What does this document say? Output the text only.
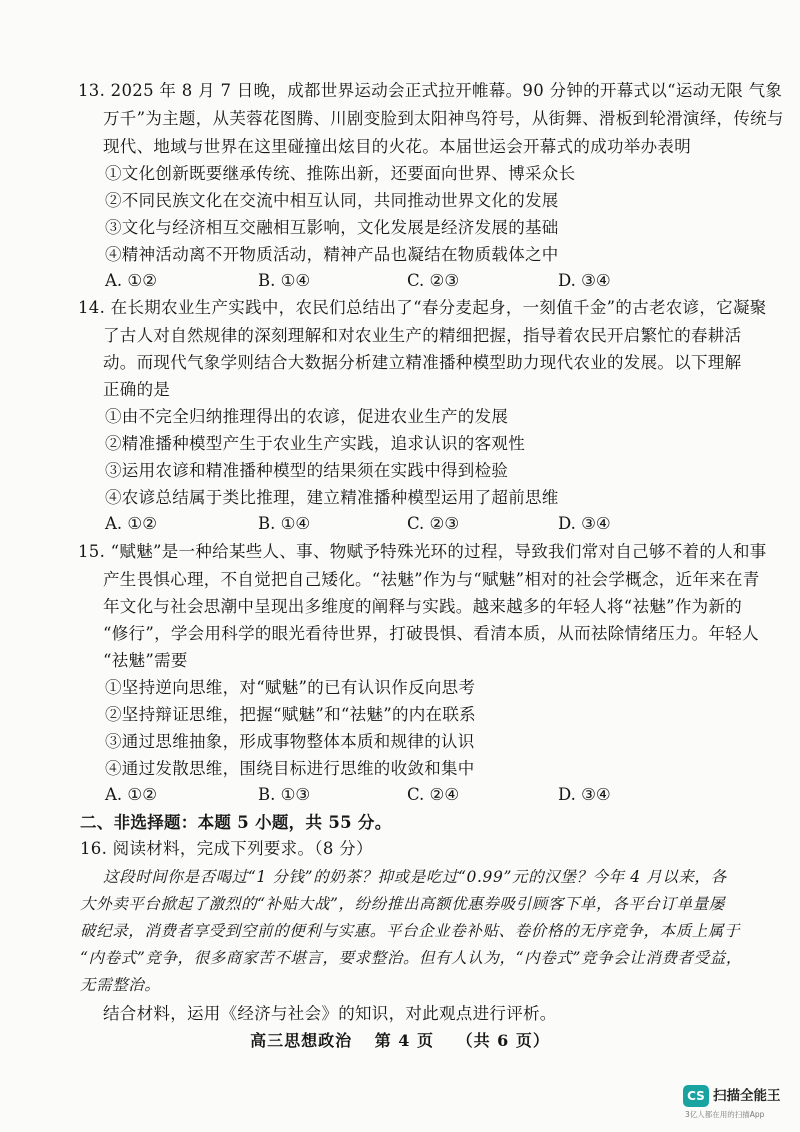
13. 2025 年 8 月 7 日晚，成都世界运动会正式拉开帷幕。90 分钟的开幕式以“运动无限 气象
万千”为主题，从芙蓉花图腾、川剧变脸到太阳神鸟符号，从街舞、滑板到轮滑演绎，传统与
现代、地域与世界在这里碰撞出炫目的火花。本届世运会开幕式的成功举办表明
①文化创新既要继承传统、推陈出新，还要面向世界、博采众长
②不同民族文化在交流中相互认同，共同推动世界文化的发展
③文化与经济相互交融相互影响，文化发展是经济发展的基础
④精神活动离不开物质活动，精神产品也凝结在物质载体之中
A. ①②	B. ①④	C. ②③	D. ③④
14. 在长期农业生产实践中，农民们总结出了“春分麦起身，一刻值千金”的古老农谚，它凝聚
了古人对自然规律的深刻理解和对农业生产的精细把握，指导着农民开启繁忙的春耕活
动。而现代气象学则结合大数据分析建立精准播种模型助力现代农业的发展。以下理解
正确的是
①由不完全归纳推理得出的农谚，促进农业生产的发展
②精准播种模型产生于农业生产实践，追求认识的客观性
③运用农谚和精准播种模型的结果须在实践中得到检验
④农谚总结属于类比推理，建立精准播种模型运用了超前思维
A. ①②	B. ①④	C. ②③	D. ③④
15. “赋魅”是一种给某些人、事、物赋予特殊光环的过程，导致我们常对自己够不着的人和事
产生畏惧心理，不自觉把自己矮化。“祛魅”作为与“赋魅”相对的社会学概念，近年来在青
年文化与社会思潮中呈现出多维度的阐释与实践。越来越多的年轻人将“祛魅”作为新的
“修行”，学会用科学的眼光看待世界，打破畏惧、看清本质，从而祛除情绪压力。年轻人
“祛魅”需要
①坚持逆向思维，对“赋魅”的已有认识作反向思考
②坚持辩证思维，把握“赋魅”和“祛魅”的内在联系
③通过思维抽象，形成事物整体本质和规律的认识
④通过发散思维，围绕目标进行思维的收敛和集中
A. ①②	B. ①③	C. ②④	D. ③④
二、非选择题：本题 5 小题，共 55 分。
16. 阅读材料，完成下列要求。（8 分）
这段时间你是否喝过“1 分钱”的奶茶？抑或是吃过“0.99”元的汉堡？今年 4 月以来，各
大外卖平台掀起了激烈的“补贴大战”，纷纷推出高额优惠券吸引顾客下单，各平台订单量屡
破纪录，消费者享受到空前的便利与实惠。平台企业卷补贴、卷价格的无序竞争，本质上属于
“内卷式”竞争，很多商家苦不堪言，要求整治。但有人认为，“内卷式”竞争会让消费者受益，
无需整治。
结合材料，运用《经济与社会》的知识，对此观点进行评析。
高三思想政治 第 4 页 （共 6 页）
CS 扫描全能王
3亿人都在用的扫描App
